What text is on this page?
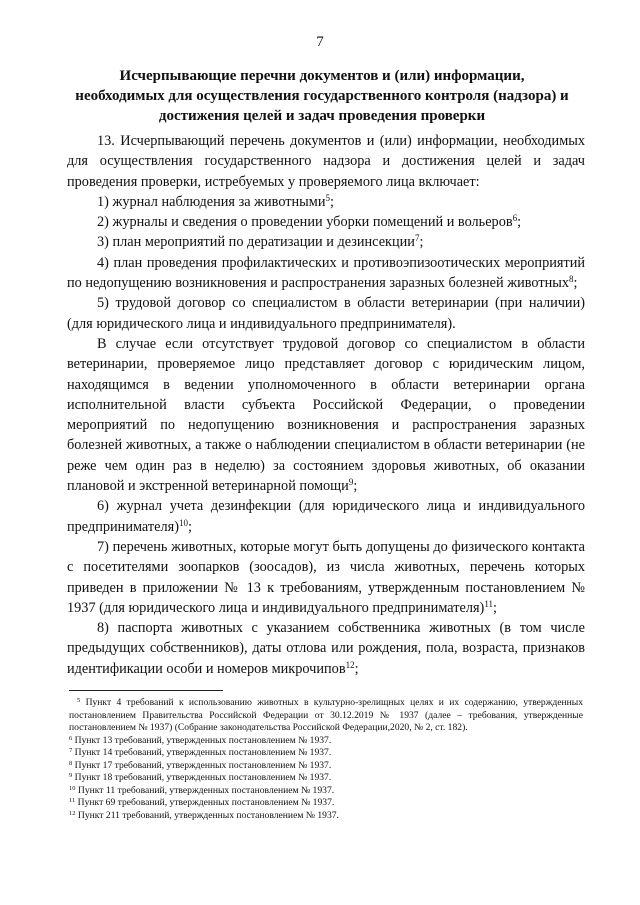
7
Исчерпывающие перечни документов и (или) информации,
необходимых для осуществления государственного контроля (надзора) и
достижения целей и задач проведения проверки

13. Исчерпывающий перечень документов и (или) информации, необходимых для осуществления государственного надзора и достижения целей и задач проведения проверки, истребуемых у проверяемого лица включает:

1) журнал наблюдения за животными$^5$;

2) журналы и сведения о проведении уборки помещений и вольеров$^6$;

3) план мероприятий по дератизации и дезинсекции$^7$;

4) план проведения профилактических и противоэпизоотических мероприятий по недопущению возникновения и распространения заразных болезней животных$^8$;

5) трудовой договор со специалистом в области ветеринарии (при наличии) (для юридического лица и индивидуального предпринимателя).

В случае если отсутствует трудовой договор со специалистом в области ветеринарии, проверяемое лицо представляет договор с юридическим лицом, находящимся в ведении уполномоченного в области ветеринарии органа исполнительной власти субъекта Российской Федерации, о проведении мероприятий по недопущению возникновения и распространения заразных болезней животных, а также о наблюдении специалистом в области ветеринарии (не реже чем один раз в неделю) за состоянием здоровья животных, об оказании плановой и экстренной ветеринарной помощи$^9$;

6) журнал учета дезинфекции (для юридического лица и индивидуального предпринимателя)$^{10}$;

7) перечень животных, которые могут быть допущены до физического контакта с посетителями зоопарков (зоосадов), из числа животных, перечень которых приведен в приложении № 13 к требованиям, утвержденным постановлением № 1937 (для юридического лица и индивидуального предпринимателя)$^{11}$;

8) паспорта животных с указанием собственника животных (в том числе предыдущих собственников), даты отлова или рождения, пола, возраста, признаков идентификации особи и номеров микрочипов$^{12}$;

$^5$ Пункт 4 требований к использованию животных в культурно-зрелищных целях и их содержанию, утвержденных постановлением Правительства Российской Федерации от 30.12.2019 № 1937 (далее – требования, утвержденные постановлением № 1937) (Собрание законодательства Российской Федерации,2020, № 2, ст. 182).

$^6$ Пункт 13 требований, утвержденных постановлением № 1937.

$^7$ Пункт 14 требований, утвержденных постановлением № 1937.

$^8$ Пункт 17 требований, утвержденных постановлением № 1937.

$^9$ Пункт 18 требований, утвержденных постановлением № 1937.

$^{10}$ Пункт 11 требований, утвержденных постановлением № 1937.

$^{11}$ Пункт 69 требований, утвержденных постановлением № 1937.

$^{12}$ Пункт 211 требований, утвержденных постановлением № 1937.
